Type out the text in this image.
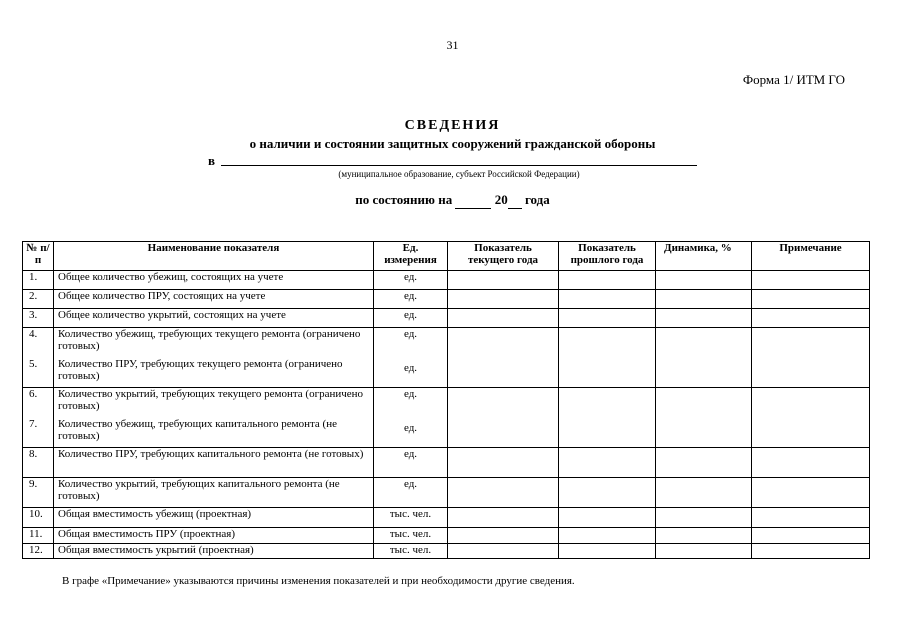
31
Форма 1/ ИТМ ГО
СВЕДЕНИЯ
о наличии и состоянии защитных сооружений гражданской обороны
в
(муниципальное образование, субъект Российской Федерации)
по состоянию на	20 года
№ п/п	Наименование показателя	Ед. измерения	Показатель текущего года	Показатель прошлого года	Динамика, %	Примечание
1.	Общее количество убежищ, состоящих на учете	ед.				
2.	Общее количество ПРУ, состоящих на учете	ед.				
3.	Общее количество укрытий, состоящих на учете	ед.				
4.	Количество убежищ, требующих текущего ремонта (ограничено готовых)	ед.				
5.	Количество ПРУ, требующих текущего ремонта (ограничено готовых)	ед.				
6.	Количество укрытий, требующих текущего ремонта (ограничено готовых)	ед.				
7.	Количество убежищ, требующих капитального ремонта (не готовых)	ед.				
8.	Количество ПРУ, требующих капитального ремонта (не готовых)	ед.				
9.	Количество укрытий, требующих капитального ремонта (не готовых)	ед.				
10.	Общая вместимость убежищ (проектная)	тыс. чел.				
11.	Общая вместимость ПРУ (проектная)	тыс. чел.				
12.	Общая вместимость укрытий (проектная)	тыс. чел.				
В графе «Примечание» указываются причины изменения показателей и при необходимости другие сведения.
